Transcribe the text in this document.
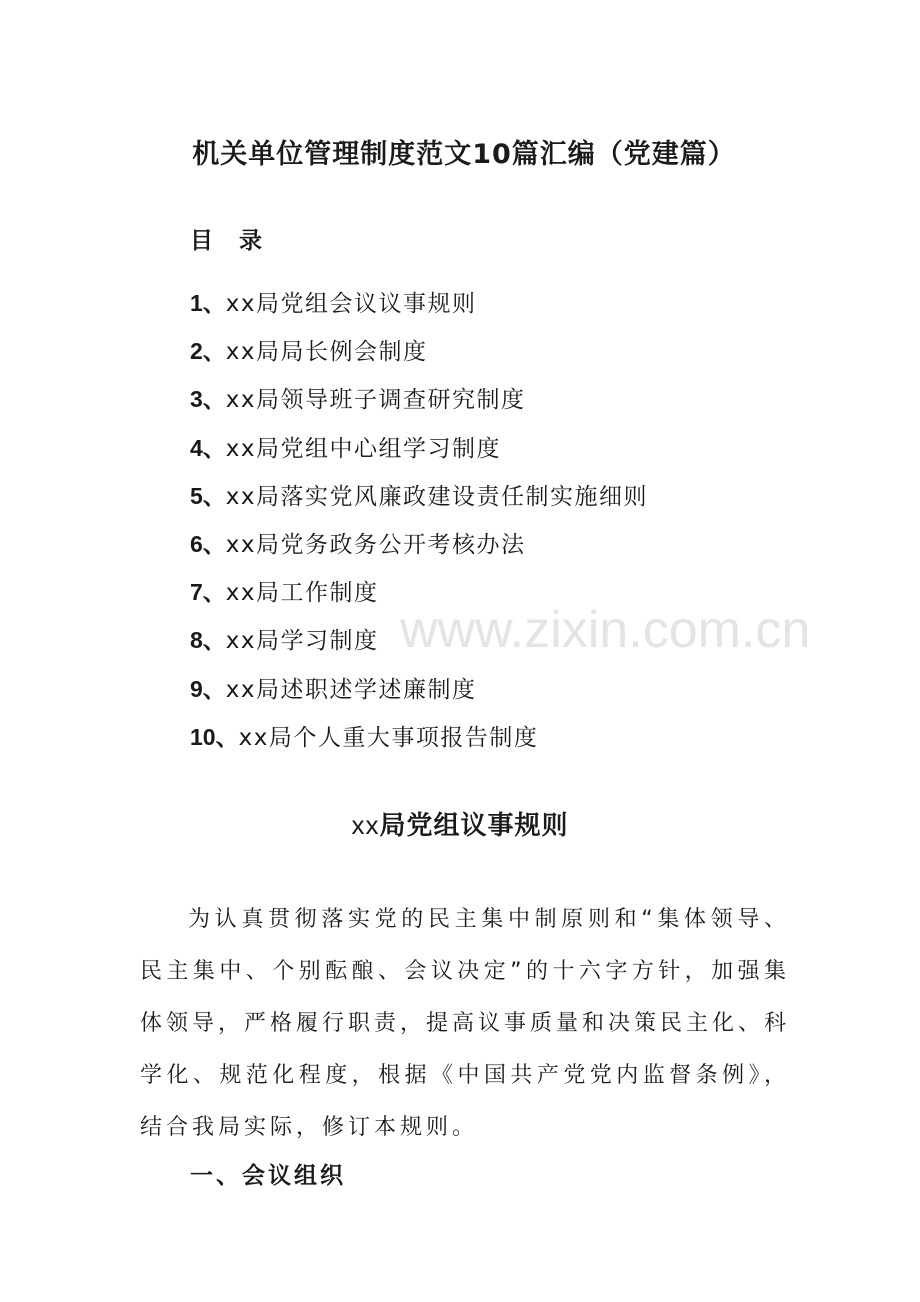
机关单位管理制度范文10篇汇编（党建篇）
目 录
1、xx局党组会议议事规则
2、xx局局长例会制度
3、xx局领导班子调查研究制度
4、xx局党组中心组学习制度
5、xx局落实党风廉政建设责任制实施细则
6、xx局党务政务公开考核办法
7、xx局工作制度
8、xx局学习制度
9、xx局述职述学述廉制度
10、xx局个人重大事项报告制度
www.zixin.com.cn
xx局党组议事规则

为认真贯彻落实党的民主集中制原则和“集体领导、民主集中、个别酝酿、会议决定”的十六字方针，加强集体领导，严格履行职责，提高议事质量和决策民主化、科学化、规范化程度，根据《中国共产党党内监督条例》，结合我局实际，修订本规则。

一、会议组织
